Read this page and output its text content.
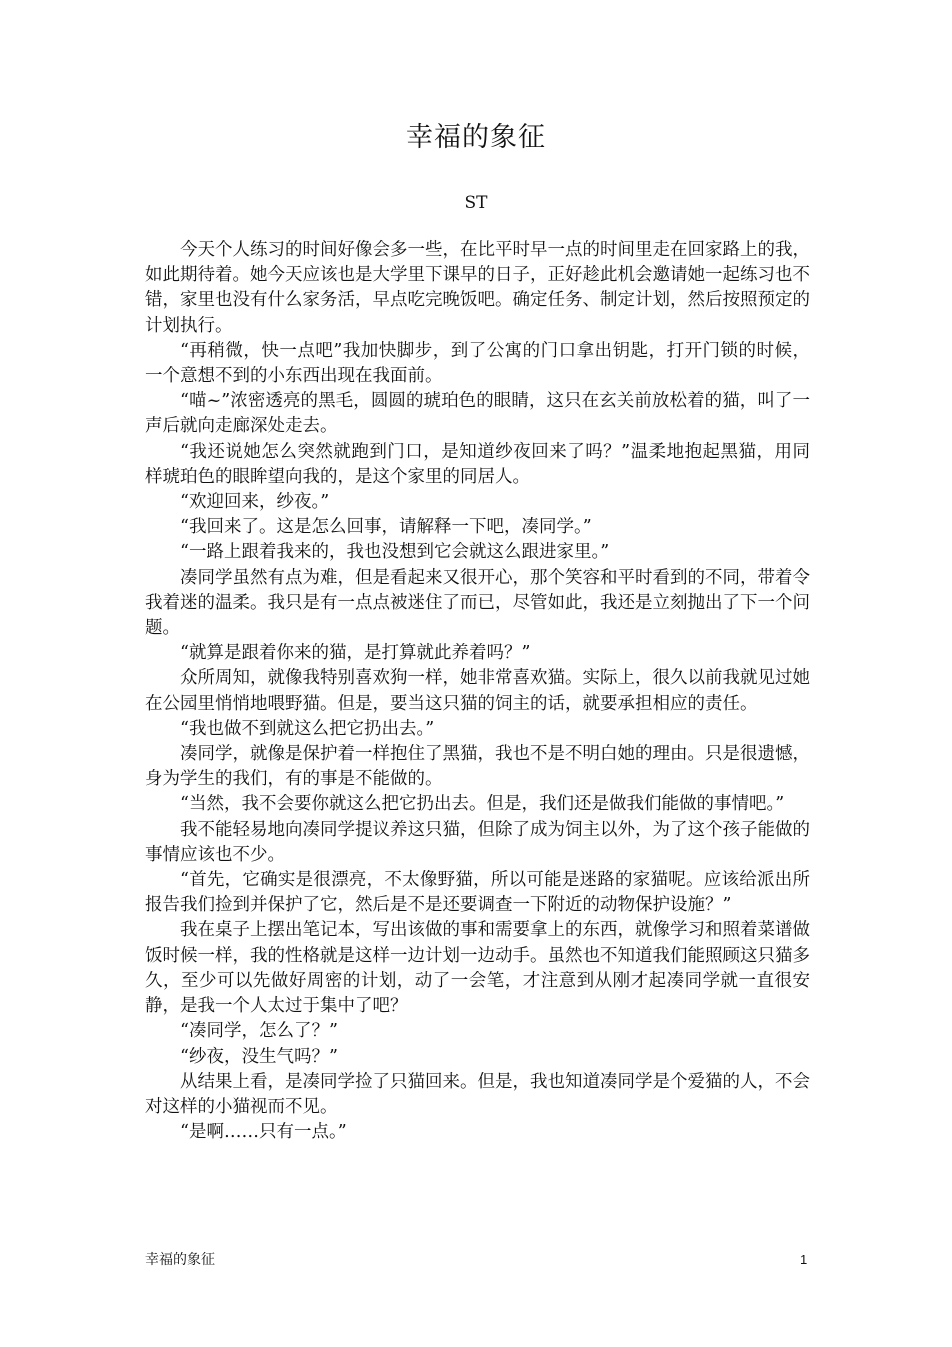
幸福的象征
ST

今天个人练习的时间好像会多一些，在比平时早一点的时间里走在回家路上的我，如此期待着。她今天应该也是大学里下课早的日子，正好趁此机会邀请她一起练习也不错，家里也没有什么家务活，早点吃完晚饭吧。确定任务、制定计划，然后按照预定的计划执行。

“再稍微，快一点吧”我加快脚步，到了公寓的门口拿出钥匙，打开门锁的时候，一个意想不到的小东西出现在我面前。

“喵~”浓密透亮的黑毛，圆圆的琥珀色的眼睛，这只在玄关前放松着的猫，叫了一声后就向走廊深处走去。

“我还说她怎么突然就跑到门口，是知道纱夜回来了吗？”温柔地抱起黑猫，用同样琥珀色的眼眸望向我的，是这个家里的同居人。

“欢迎回来，纱夜。”

“我回来了。这是怎么回事，请解释一下吧，凑同学。”

“一路上跟着我来的，我也没想到它会就这么跟进家里。”

凑同学虽然有点为难，但是看起来又很开心，那个笑容和平时看到的不同，带着令我着迷的温柔。我只是有一点点被迷住了而已，尽管如此，我还是立刻抛出了下一个问题。

“就算是跟着你来的猫，是打算就此养着吗？”

众所周知，就像我特别喜欢狗一样，她非常喜欢猫。实际上，很久以前我就见过她在公园里悄悄地喂野猫。但是，要当这只猫的饲主的话，就要承担相应的责任。

“我也做不到就这么把它扔出去。”

凑同学，就像是保护着一样抱住了黑猫，我也不是不明白她的理由。只是很遗憾，身为学生的我们，有的事是不能做的。

“当然，我不会要你就这么把它扔出去。但是，我们还是做我们能做的事情吧。”

我不能轻易地向凑同学提议养这只猫，但除了成为饲主以外，为了这个孩子能做的事情应该也不少。

“首先，它确实是很漂亮，不太像野猫，所以可能是迷路的家猫呢。应该给派出所报告我们捡到并保护了它，然后是不是还要调查一下附近的动物保护设施？”

我在桌子上摆出笔记本，写出该做的事和需要拿上的东西，就像学习和照着菜谱做饭时候一样，我的性格就是这样一边计划一边动手。虽然也不知道我们能照顾这只猫多久，至少可以先做好周密的计划，动了一会笔，才注意到从刚才起凑同学就一直很安静，是我一个人太过于集中了吧？

“凑同学，怎么了？”

“纱夜，没生气吗？”

从结果上看，是凑同学捡了只猫回来。但是，我也知道凑同学是个爱猫的人，不会对这样的小猫视而不见。

“是啊……只有一点。”

幸福的象征	1
